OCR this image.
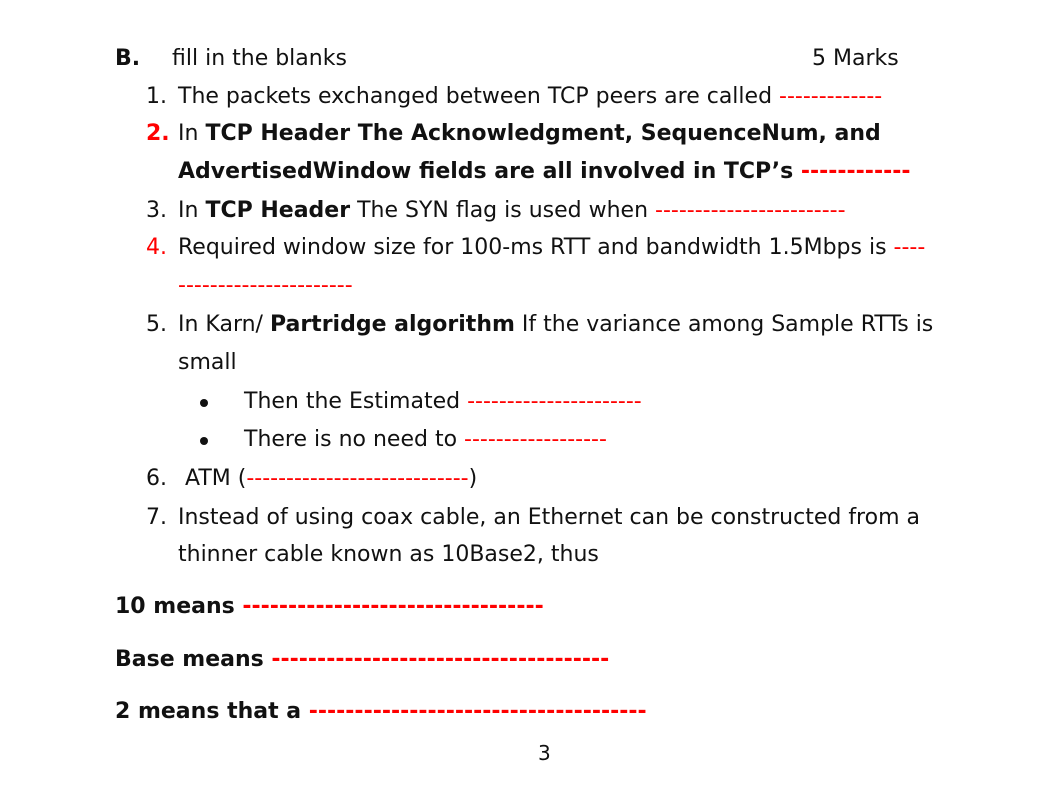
B. fill in the blanks	5 Marks
1. The packets exchanged between TCP peers are called -------------
2. In TCP Header The Acknowledgment, SequenceNum, and
AdvertisedWindow fields are all involved in TCP’s ------------
3. In TCP Header The SYN flag is used when ------------------------
4. Required window size for 100-ms RTT and bandwidth 1.5Mbps is ----
----------------------
5. In Karn/ Partridge algorithm If the variance among Sample RTTs is
small
Then the Estimated ----------------------
There is no need to ------------------
6. ATM (----------------------------)
7. Instead of using coax cable, an Ethernet can be constructed from a
thinner cable known as 10Base2, thus
10 means ---------------------------------
Base means -------------------------------------
2 means that a -------------------------------------
3
